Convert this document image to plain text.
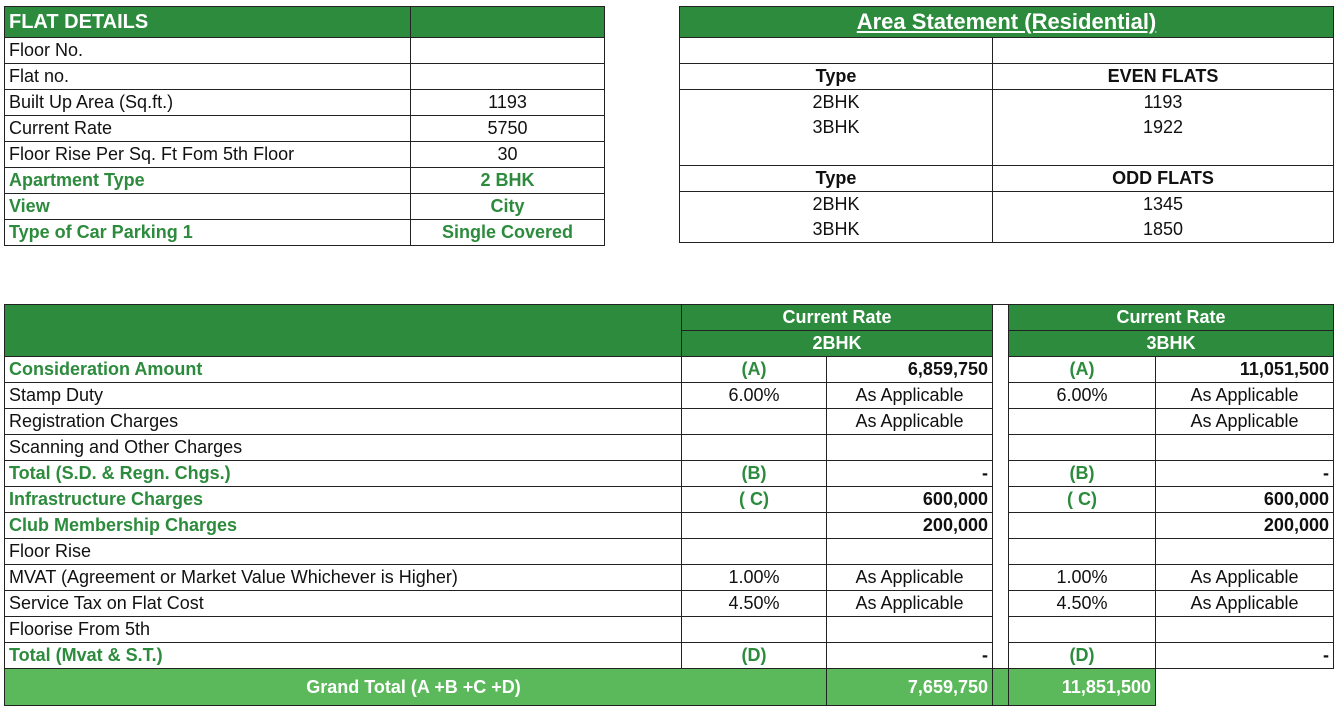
FLAT DETAILS	
Floor No.	
Flat no.	
Built Up Area (Sq.ft.)	1193
Current Rate	5750
Floor Rise Per Sq. Ft Fom 5th Floor	30
Apartment Type	2 BHK
View	City
Type of Car Parking 1	Single Covered
Area Statement (Residential)	

Type	EVEN FLATS
2BHK	1193
3BHK	1922

Type	ODD FLATS
2BHK	1345
3BHK	1850
	Current Rate			Current Rate	
	2BHK			3BHK	
Consideration Amount	(A)	6,859,750		(A)	11,051,500
Stamp Duty	6.00%	As Applicable		6.00%	As Applicable
Registration Charges		As Applicable			As Applicable
Scanning and Other Charges					
Total (S.D. & Regn. Chgs.)	(B)	-		(B)	-
Infrastructure Charges	( C)	600,000		( C)	600,000
Club Membership Charges		200,000			200,000
Floor Rise					
MVAT (Agreement or Market Value Whichever is Higher)	1.00%	As Applicable		1.00%	As Applicable
Service Tax on Flat Cost	4.50%	As Applicable		4.50%	As Applicable
Floorise From 5th					
Total (Mvat & S.T.)	(D)	-		(D)	-
Grand Total (A +B +C +D)		7,659,750		11,851,500	
